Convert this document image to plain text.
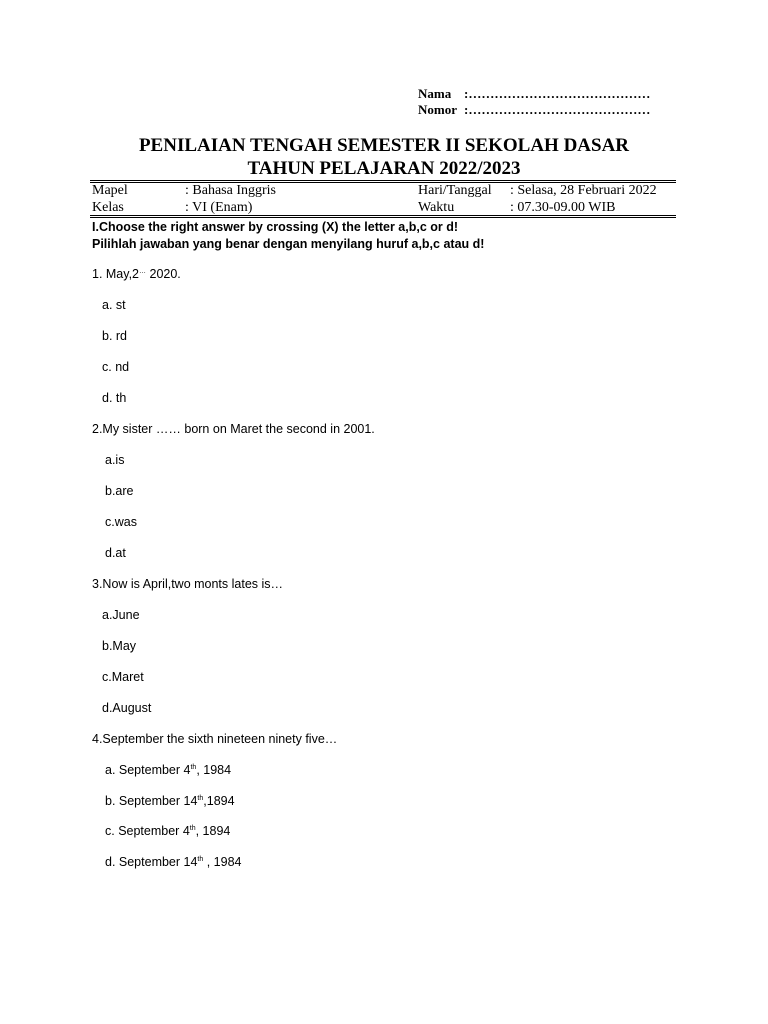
Nama :……………………………………
Nomor :……………………………………
PENILAIAN TENGAH SEMESTER II SEKOLAH DASAR
TAHUN PELAJARAN 2022/2023
Mapel	: Bahasa Inggris	Hari/Tanggal : Selasa, 28 Februari 2022
Kelas	: VI (Enam)	Waktu	: 07.30-09.00 WIB
I.Choose the right answer by crossing (X) the letter a,b,c or d!
Pilihlah jawaban yang benar dengan menyilang huruf a,b,c atau d!
1. May,2… 2020.
a. st
b. rd
c. nd
d. th
2.My sister …… born on Maret the second in 2001.
a.is
b.are
c.was
d.at
3.Now is April,two monts lates is…
a.June
b.May
c.Maret
d.August
4.September the sixth nineteen ninety five…
a. September 4th, 1984
b. September 14th,1894
c. September 4th, 1894
d. September 14th , 1984
